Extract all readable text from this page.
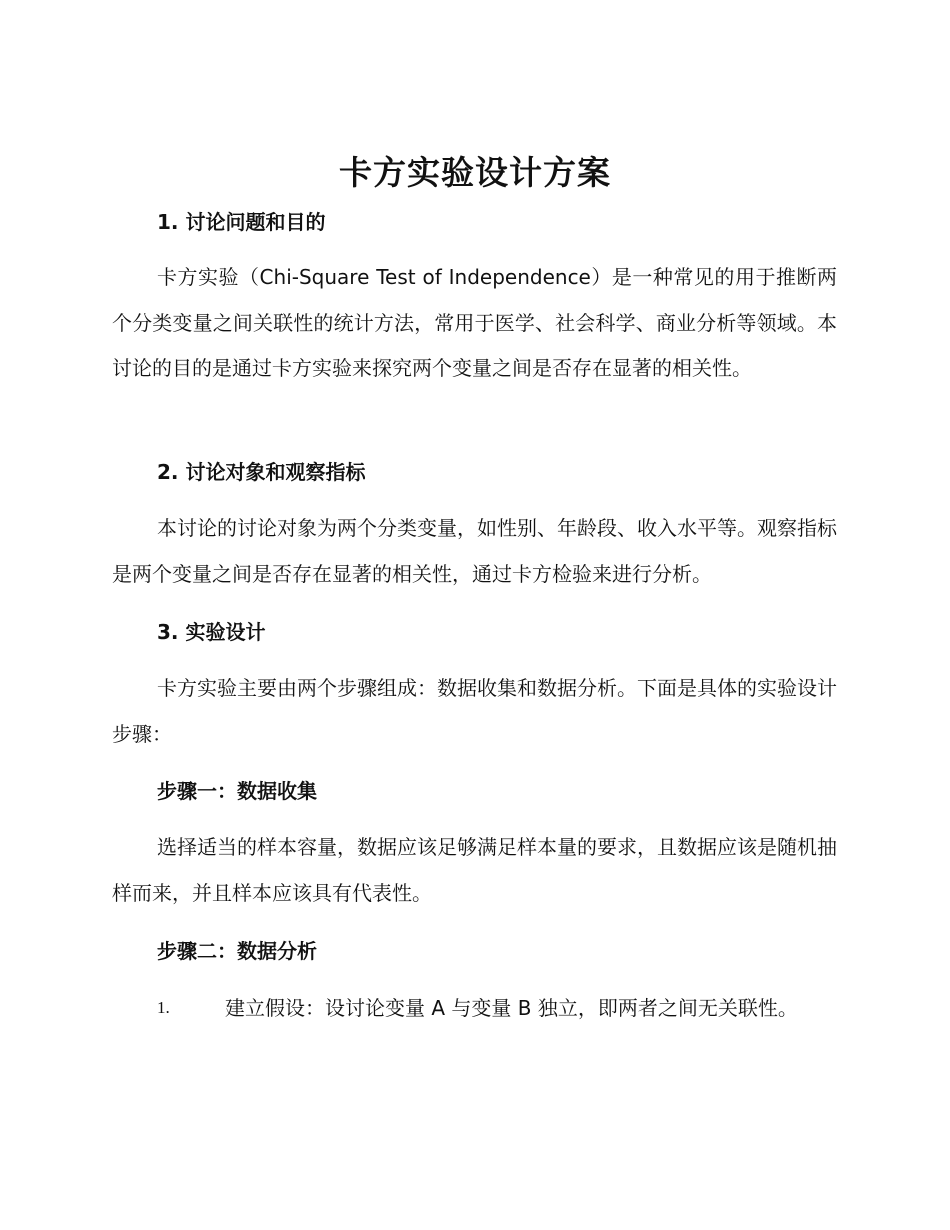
卡方实验设计方案
1. 讨论问题和目的

卡方实验（Chi-Square Test of Independence）是一种常见的用于推断两个分类变量之间关联性的统计方法，常用于医学、社会科学、商业分析等领域。本讨论的目的是通过卡方实验来探究两个变量之间是否存在显著的相关性。

2. 讨论对象和观察指标

本讨论的讨论对象为两个分类变量，如性别、年龄段、收入水平等。观察指标是两个变量之间是否存在显著的相关性，通过卡方检验来进行分析。

3. 实验设计

卡方实验主要由两个步骤组成：数据收集和数据分析。下面是具体的实验设计步骤：

步骤一：数据收集

选择适当的样本容量，数据应该足够满足样本量的要求，且数据应该是随机抽样而来，并且样本应该具有代表性。

步骤二：数据分析
1.	建立假设：设讨论变量 A 与变量 B 独立，即两者之间无关联性。
